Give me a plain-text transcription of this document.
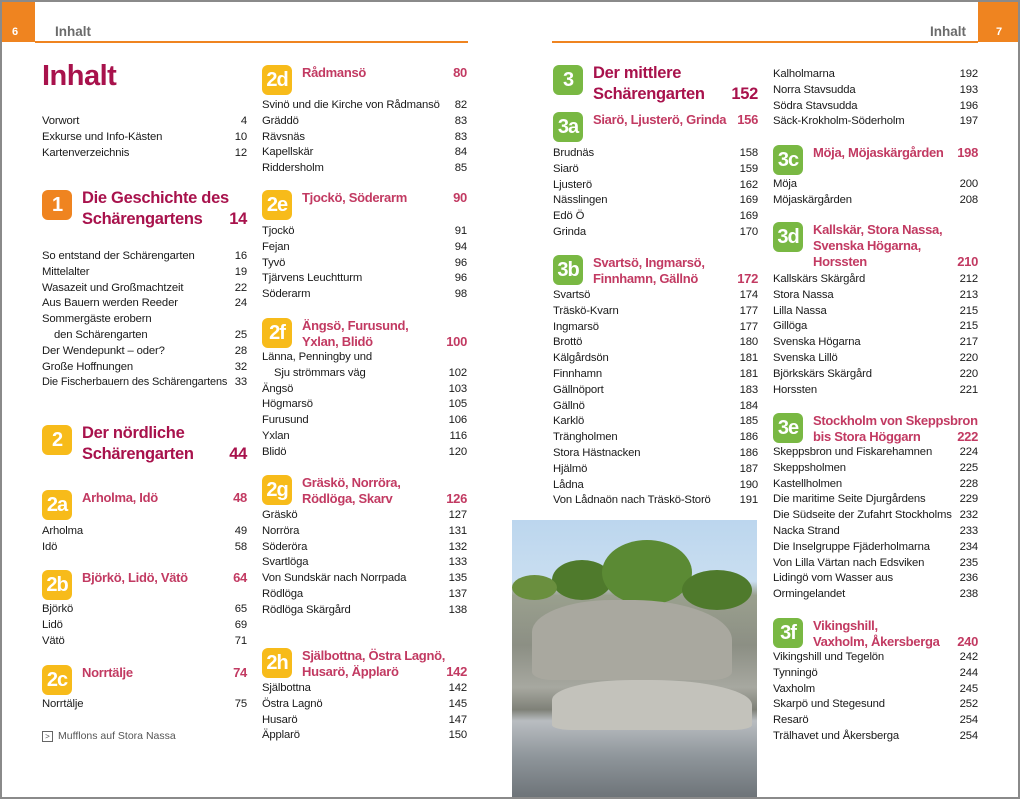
6	Inhalt	7
Inhalt
Inhalt
Vorwort	4
Exkurse und Info-Kästen	10
Kartenverzeichnis	12
1	Die Geschichte des
Schärengartens 14
So entstand der Schärengarten	16
Mittelalter	19
Wasazeit und Großmachtzeit	22
Aus Bauern werden Reeder	24
Sommergäste erobern
den Schärengarten	25
Der Wendepunkt – oder?	28
Große Hoffnungen	32
Die Fischerbauern des Schärengartens 33
2	Der nördliche
Schärengarten 44
2a	Arholma, Idö	48
Arholma	49
Idö	58
2b	Björkö, Lidö, Vätö	64
Björkö	65
Lidö	69
Vätö	71
2c	Norrtälje	74
Norrtälje	75
2d	Rådmansö	80
Svinö und die Kirche von Rådmansö 82
Gräddö	83
Rävsnäs	83
Kapellskär	84
Riddersholm	85
2e	Tjockö, Söderarm	90
Tjockö	91
Fejan	94
Tyvö	96
Tjärvens Leuchtturm	96
Söderarm	98
2f	Ängsö, Furusund,
Yxlan, Blidö	100
Länna, Penningby und
Sju strömmars väg	102
Ängsö	103
Högmarsö	105
Furusund	106
Yxlan	116
Blidö	120
2g	Gräskö, Norröra,
Rödlöga, Skarv	126
Gräskö	127
Norröra	131
Söderöra	132
Svartlöga	133
Von Sundskär nach Norrpada	135
Rödlöga	137
Rödlöga Skärgård	138
2h	Själbottna, Östra Lagnö,
Husarö, Äpplarö	142
Själbottna	142
Östra Lagnö	145
Husarö	147
Äpplarö	150
3	Der mittlere
Schärengarten 152
3a	Siarö, Ljusterö, Grinda 156
Brudnäs	158
Siarö	159
Ljusterö	162
Nässlingen	169
Edö Ö	169
Grinda	170
3b	Svartsö, Ingmarsö,
Finnhamn, Gällnö	172
Svartsö	174
Träskö-Kvarn	177
Ingmarsö	177
Brottö	180
Kälgårdsön	181
Finnhamn	181
Gällnöport	183
Gällnö	184
Karklö	185
Trängholmen	186
Stora Hästnacken	186
Hjälmö	187
Lådna	190
Von Lådnaön nach Träskö-Storö	191
Kalholmarna	192
Norra Stavsudda	193
Södra Stavsudda	196
Säck-Krokholm-Söderholm	197
3c	Möja, Möjaskärgården 198
Möja	200
Möjaskärgården	208
3d	Kallskär, Stora Nassa,
Svenska Högarna,
Horssten	210
Kallskärs Skärgård	212
Stora Nassa	213
Lilla Nassa	215
Gillöga	215
Svenska Högarna	217
Svenska Lillö	220
Björkskärs Skärgård	220
Horssten	221
3e	Stockholm von Skeppsbron
bis Stora Höggarn	222
Skeppsbron und Fiskarehamnen 224
Skeppsholmen	225
Kastellholmen	228
Die maritime Seite Djurgårdens	229
Die Südseite der Zufahrt Stockholms 232
Nacka Strand	233
Die Inselgruppe Fjäderholmarna	234
Von Lilla Värtan nach Edsviken	235
Lidingö vom Wasser aus	236
Ormingelandet	238
3f	Vikingshill,
Vaxholm, Åkersberga 240
Vikingshill und Tegelön	242
Tynningö	244
Vaxholm	245
Skarpö und Stegesund	252
Resarö	254
Trälhavet und Åkersberga	254
> Mufflons auf Stora Nassa
